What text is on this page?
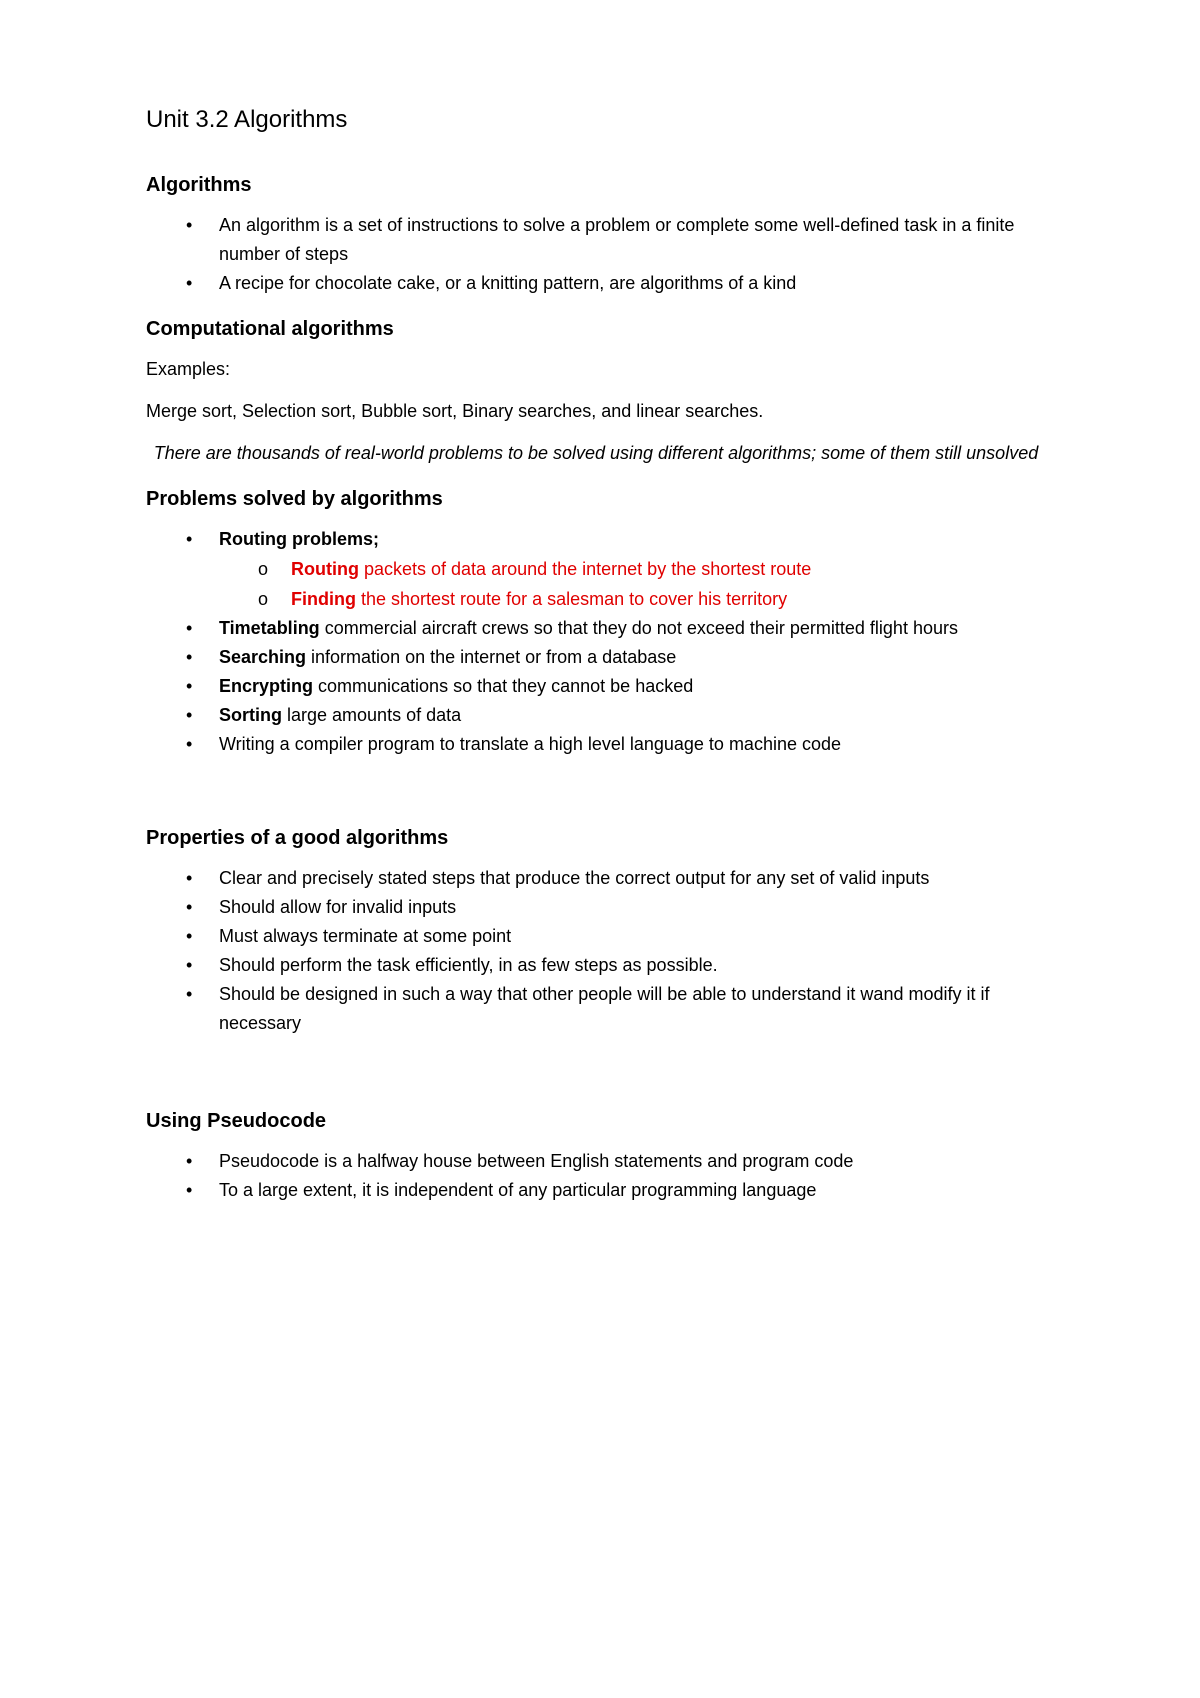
Unit 3.2 Algorithms
Algorithms
• An algorithm is a set of instructions to solve a problem or complete some well-defined task in a finite number of steps
• A recipe for chocolate cake, or a knitting pattern, are algorithms of a kind
Computational algorithms

Examples:

Merge sort, Selection sort, Bubble sort, Binary searches, and linear searches.

There are thousands of real-world problems to be solved using different algorithms; some of them still unsolved
Problems solved by algorithms
• Routing problems;
o Routing packets of data around the internet by the shortest route
o Finding the shortest route for a salesman to cover his territory
• Timetabling commercial aircraft crews so that they do not exceed their permitted flight hours
• Searching information on the internet or from a database
• Encrypting communications so that they cannot be hacked
• Sorting large amounts of data
• Writing a compiler program to translate a high level language to machine code
Properties of a good algorithms
• Clear and precisely stated steps that produce the correct output for any set of valid inputs
• Should allow for invalid inputs
• Must always terminate at some point
• Should perform the task efficiently, in as few steps as possible.
• Should be designed in such a way that other people will be able to understand it wand modify it if necessary
Using Pseudocode
• Pseudocode is a halfway house between English statements and program code
• To a large extent, it is independent of any particular programming language
